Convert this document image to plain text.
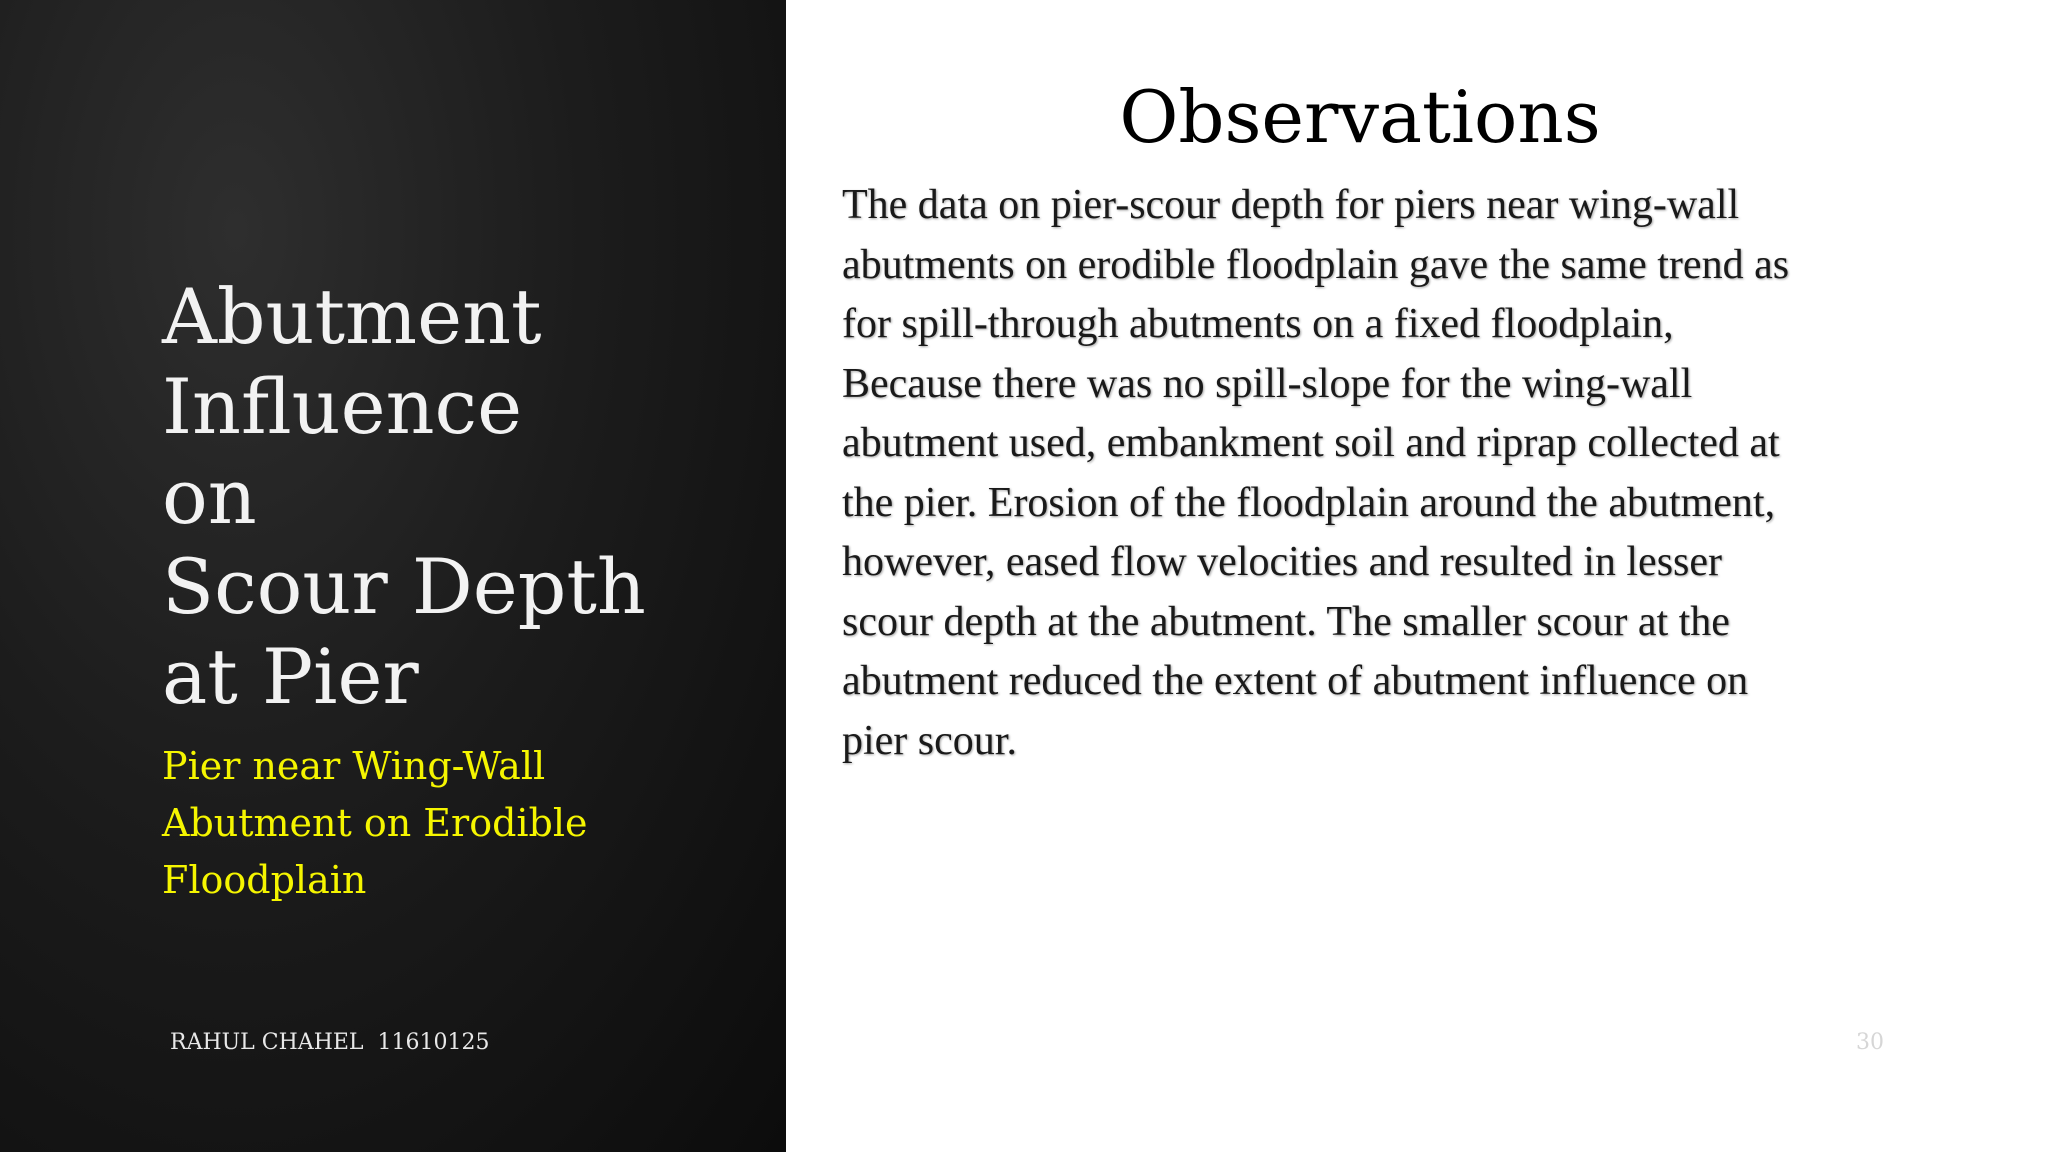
Abutment
Influence
on
Scour Depth
at Pier
Pier near Wing-Wall
Abutment on Erodible
Floodplain
RAHUL CHAHEL  11610125
Observations
The data on pier-scour depth for piers near wing-wall
abutments on erodible floodplain gave the same trend as
for spill-through abutments on a fixed floodplain,
Because there was no spill-slope for the wing-wall
abutment used, embankment soil and riprap collected at
the pier. Erosion of the floodplain around the abutment,
however, eased flow velocities and resulted in lesser
scour depth at the abutment. The smaller scour at the
abutment reduced the extent of abutment influence on
pier scour.
30
